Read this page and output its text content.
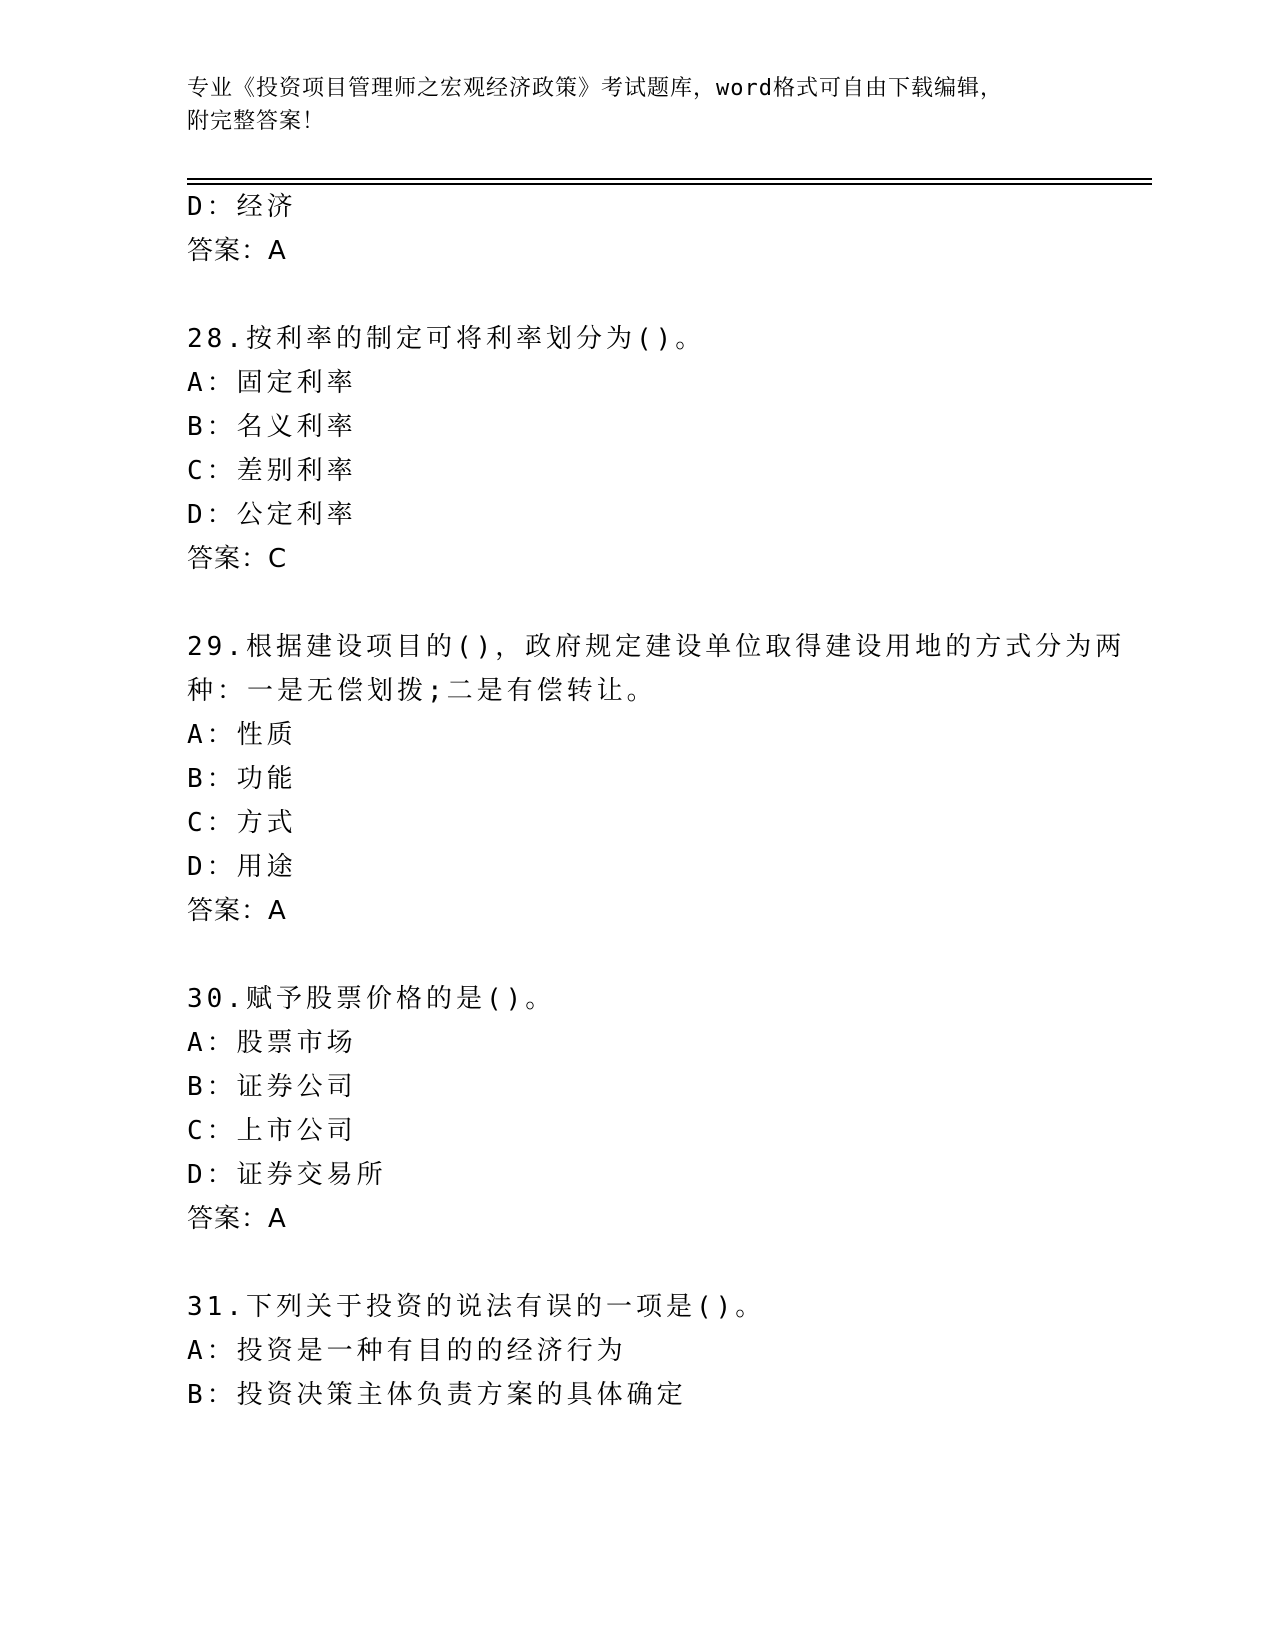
专业《投资项目管理师之宏观经济政策》考试题库，word格式可自由下载编辑，
附完整答案！
D：经济
答案：A
28.按利率的制定可将利率划分为()。
A：固定利率
B：名义利率
C：差别利率
D：公定利率
答案：C
29.根据建设项目的()，政府规定建设单位取得建设用地的方式分为两
种：一是无偿划拨;二是有偿转让。
A：性质
B：功能
C：方式
D：用途
答案：A
30.赋予股票价格的是()。
A：股票市场
B：证券公司
C：上市公司
D：证券交易所
答案：A
31.下列关于投资的说法有误的一项是()。
A：投资是一种有目的的经济行为
B：投资决策主体负责方案的具体确定
